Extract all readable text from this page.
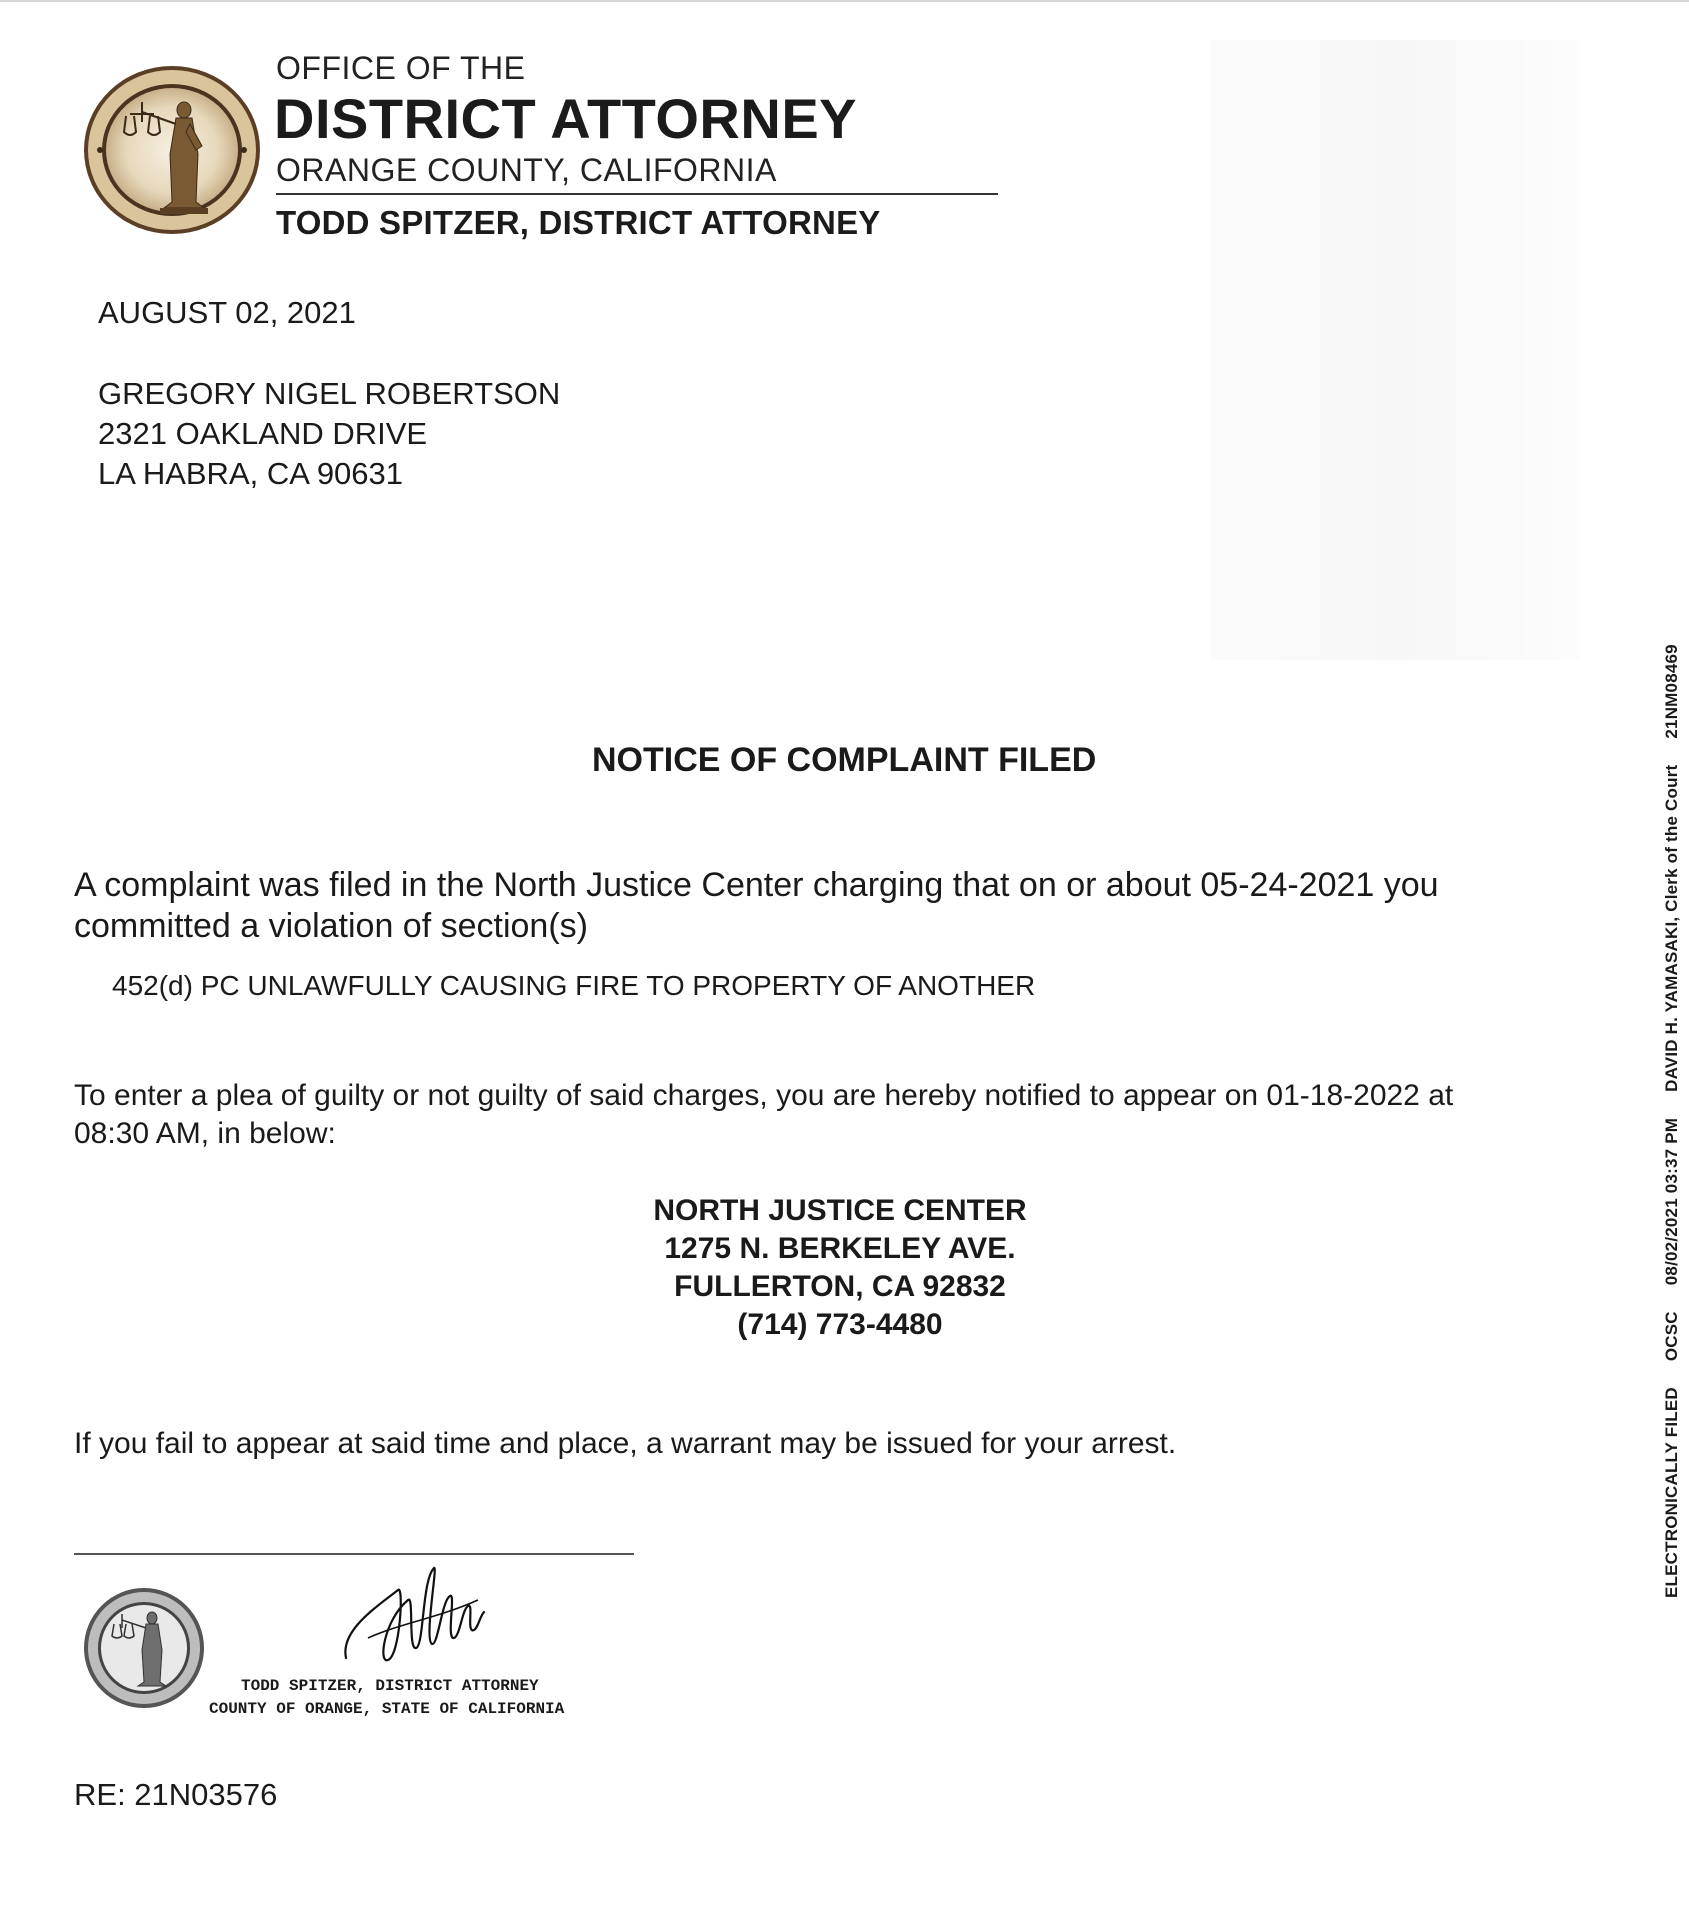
OFFICE OF THE
DISTRICT ATTORNEY
ORANGE COUNTY, CALIFORNIA
TODD SPITZER, DISTRICT ATTORNEY
AUGUST 02, 2021
GREGORY NIGEL ROBERTSON
2321 OAKLAND DRIVE
LA HABRA, CA 90631
NOTICE OF COMPLAINT FILED
A complaint was filed in the North Justice Center charging that on or about 05-24-2021 you
committed a violation of section(s)
452(d) PC UNLAWFULLY CAUSING FIRE TO PROPERTY OF ANOTHER
To enter a plea of guilty or not guilty of said charges, you are hereby notified to appear on 01-18-2022 at
08:30 AM, in below:
NORTH JUSTICE CENTER
1275 N. BERKELEY AVE.
FULLERTON, CA 92832
(714) 773-4480
If you fail to appear at said time and place, a warrant may be issued for your arrest.
TODD SPITZER, DISTRICT ATTORNEY
COUNTY OF ORANGE, STATE OF CALIFORNIA
RE: 21N03576
ELECTRONICALLY FILEDOCSC08/02/2021 03:37 PMDAVID H. YAMASAKI, Clerk of the Court21NM08469
